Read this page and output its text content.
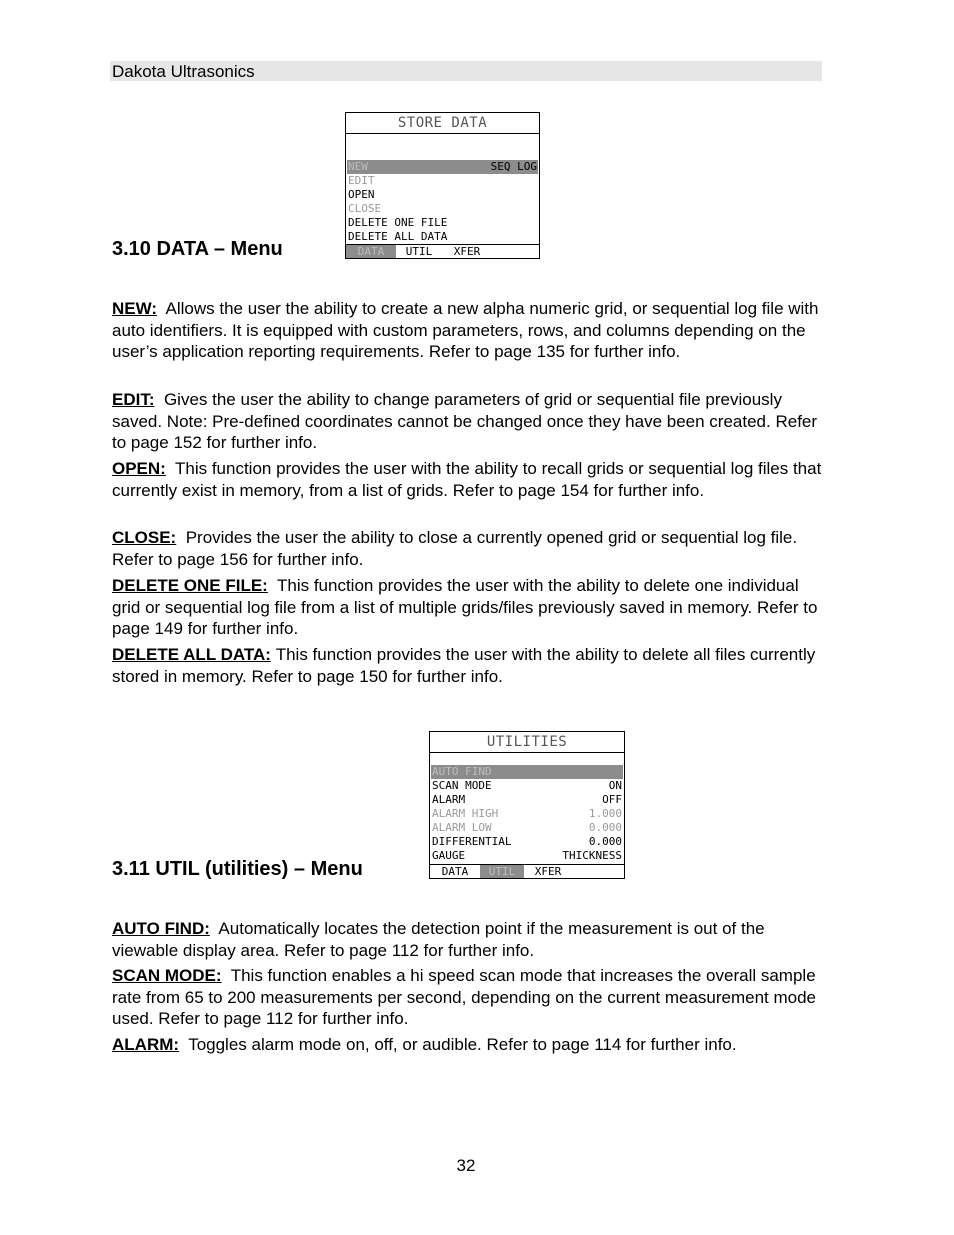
Dakota Ultrasonics
STORE DATA
NEW	SEQ LOG
EDIT
OPEN
CLOSE
DELETE ONE FILE
DELETE ALL DATA
DATA	UTIL	XFER
3.10 DATA – Menu
NEW: Allows the user the ability to create a new alpha numeric grid, or sequential log file with auto identifiers. It is equipped with custom parameters, rows, and columns depending on the user’s application reporting requirements. Refer to page 135 for further info.
EDIT: Gives the user the ability to change parameters of grid or sequential file previously saved. Note: Pre-defined coordinates cannot be changed once they have been created. Refer to page 152 for further info.
OPEN: This function provides the user with the ability to recall grids or sequential log files that currently exist in memory, from a list of grids. Refer to page 154 for further info.
CLOSE: Provides the user the ability to close a currently opened grid or sequential log file. Refer to page 156 for further info.
DELETE ONE FILE: This function provides the user with the ability to delete one individual grid or sequential log file from a list of multiple grids/files previously saved in memory. Refer to page 149 for further info.
DELETE ALL DATA: This function provides the user with the ability to delete all files currently stored in memory. Refer to page 150 for further info.
UTILITIES
AUTO FIND
SCAN MODE	ON
ALARM	OFF
ALARM HIGH	1.000
ALARM LOW	0.000
DIFFERENTIAL	0.000
GAUGE	THICKNESS
DATA	UTIL	XFER
3.11 UTIL (utilities) – Menu
AUTO FIND: Automatically locates the detection point if the measurement is out of the viewable display area. Refer to page 112 for further info.
SCAN MODE: This function enables a hi speed scan mode that increases the overall sample rate from 65 to 200 measurements per second, depending on the current measurement mode used. Refer to page 112 for further info.
ALARM: Toggles alarm mode on, off, or audible. Refer to page 114 for further info.
32
